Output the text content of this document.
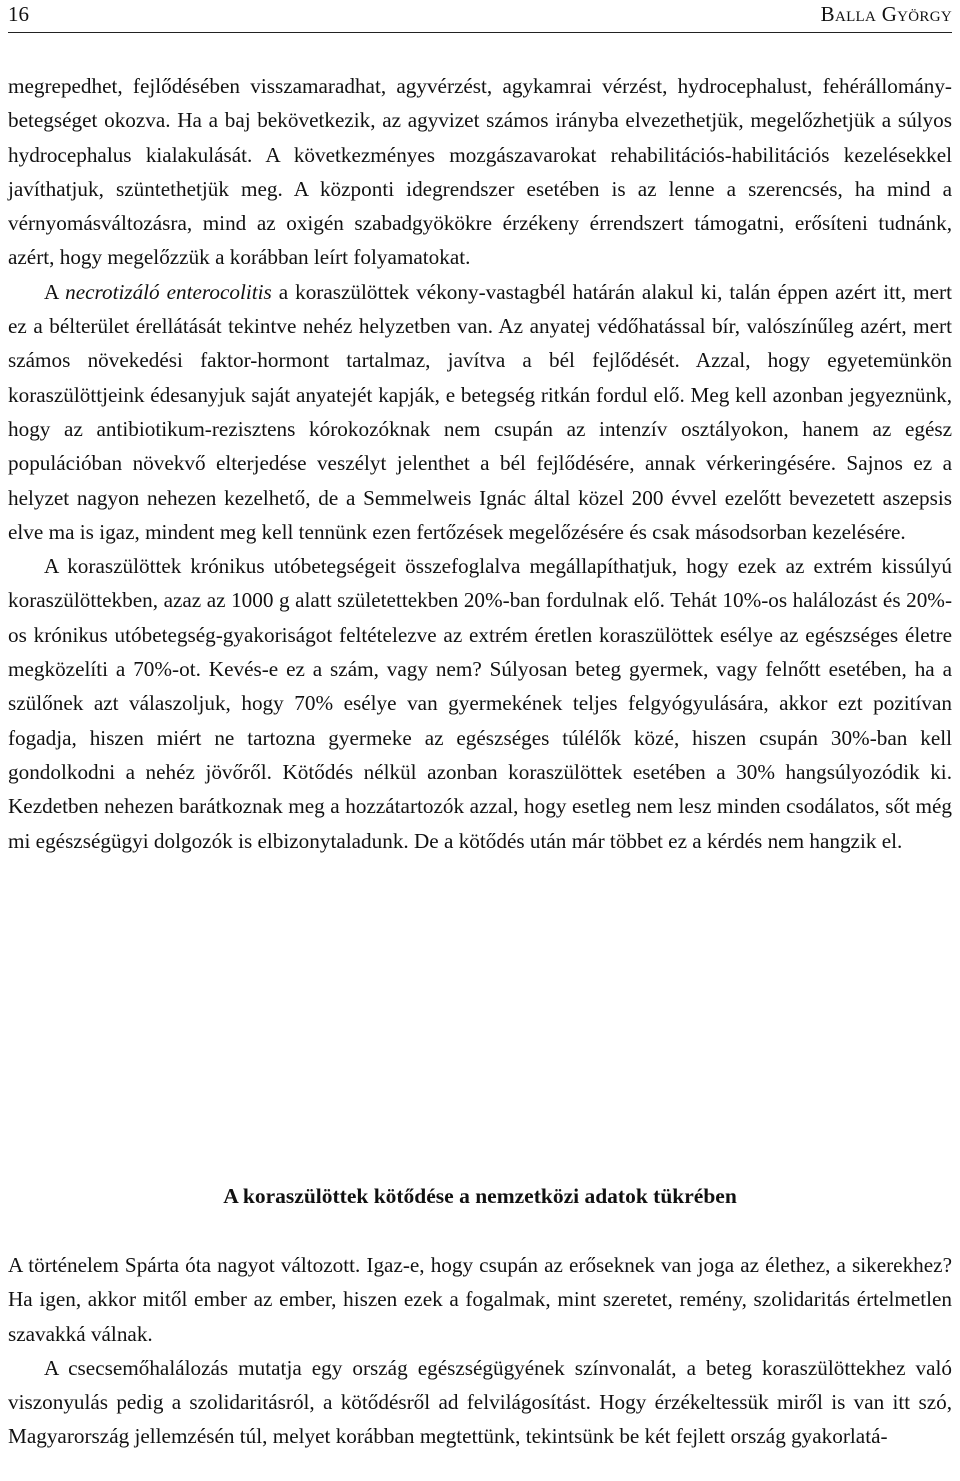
16	Balla György

megrepedhet, fejlődésében visszamaradhat, agyvérzést, agykamrai vérzést, hydrocephalust, fehérállomány-betegséget okozva. Ha a baj bekövetkezik, az agyvizet számos irányba elvezethetjük, megelőzhetjük a súlyos hydrocephalus kialakulását. A következményes mozgászavarokat rehabilitációs-habilitációs kezelésekkel javíthatjuk, szüntethetjük meg. A központi idegrendszer esetében is az lenne a szerencsés, ha mind a vérnyomásváltozásra, mind az oxigén szabadgyökökre érzékeny érrendszert támogatni, erősíteni tudnánk, azért, hogy megelőzzük a korábban leírt folyamatokat.

A necrotizáló enterocolitis a koraszülöttek vékony-vastagbél határán alakul ki, talán éppen azért itt, mert ez a bélterület érellátását tekintve nehéz helyzetben van. Az anyatej védőhatással bír, valószínűleg azért, mert számos növekedési faktor-hormont tartalmaz, javítva a bél fejlődését. Azzal, hogy egyetemünkön koraszülöttjeink édesanyjuk saját anyatejét kapják, e betegség ritkán fordul elő. Meg kell azonban jegyeznünk, hogy az antibiotikum-rezisztens kórokozóknak nem csupán az intenzív osztályokon, hanem az egész populációban növekvő elterjedése veszélyt jelenthet a bél fejlődésére, annak vérkeringésére. Sajnos ez a helyzet nagyon nehezen kezelhető, de a Semmelweis Ignác által közel 200 évvel ezelőtt bevezetett aszepsis elve ma is igaz, mindent meg kell tennünk ezen fertőzések megelőzésére és csak másodsorban kezelésére.

A koraszülöttek krónikus utóbetegségeit összefoglalva megállapíthatjuk, hogy ezek az extrém kissúlyú koraszülöttekben, azaz az 1000 g alatt születettekben 20%-ban fordulnak elő. Tehát 10%-os halálozást és 20%-os krónikus utóbetegség-gyakoriságot feltételezve az extrém éretlen koraszülöttek esélye az egészséges életre megközelíti a 70%-ot. Kevés-e ez a szám, vagy nem? Súlyosan beteg gyermek, vagy felnőtt esetében, ha a szülőnek azt válaszoljuk, hogy 70% esélye van gyermekének teljes felgyógyulására, akkor ezt pozitívan fogadja, hiszen miért ne tartozna gyermeke az egészséges túlélők közé, hiszen csupán 30%-ban kell gondolkodni a nehéz jövőről. Kötődés nélkül azonban koraszülöttek esetében a 30% hangsúlyozódik ki. Kezdetben nehezen barátkoznak meg a hozzátartozók azzal, hogy esetleg nem lesz minden csodálatos, sőt még mi egészségügyi dolgozók is elbizonytaladunk. De a kötődés után már többet ez a kérdés nem hangzik el.

A koraszülöttek kötődése a nemzetközi adatok tükrében

A történelem Spárta óta nagyot változott. Igaz-e, hogy csupán az erőseknek van joga az élethez, a sikerekhez? Ha igen, akkor mitől ember az ember, hiszen ezek a fogalmak, mint szeretet, remény, szolidaritás értelmetlen szavakká válnak.

A csecsemőhalálozás mutatja egy ország egészségügyének színvonalát, a beteg koraszülöttekhez való viszonyulás pedig a szolidaritásról, a kötődésről ad felvilágosítást. Hogy érzékeltessük miről is van itt szó, Magyarország jellemzésén túl, melyet korábban megtettünk, tekintsünk be két fejlett ország gyakorlatá-
